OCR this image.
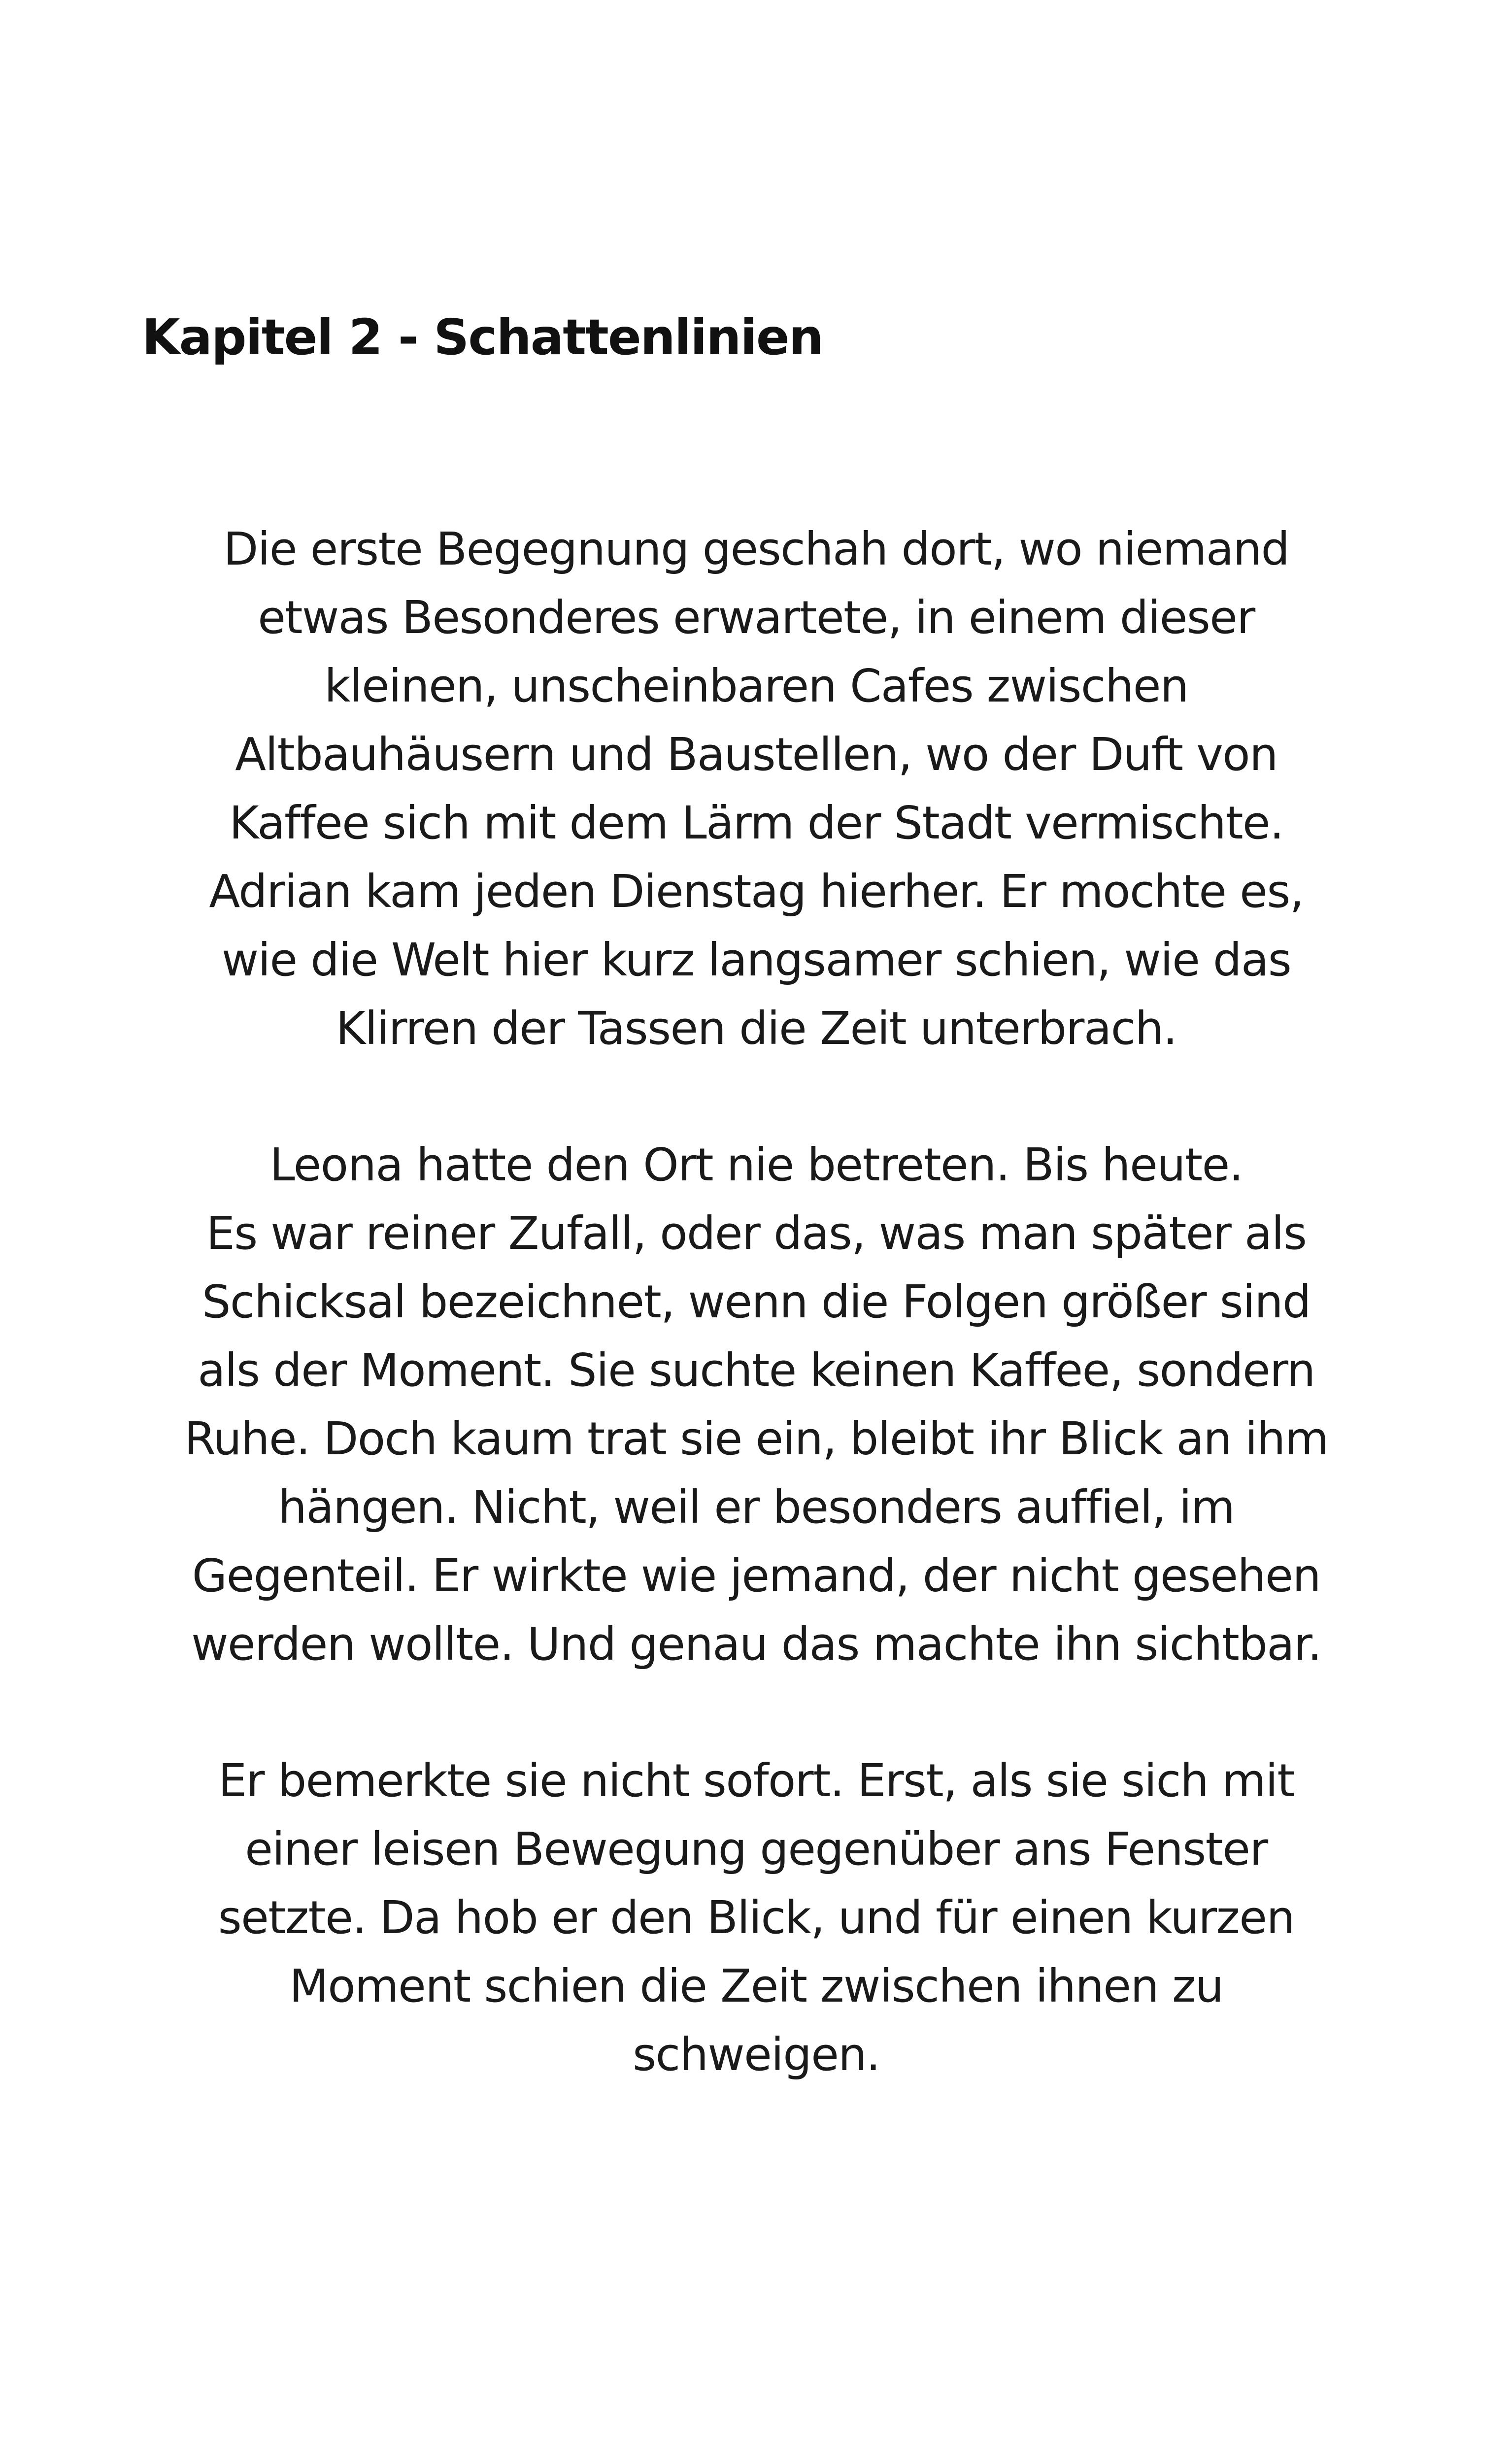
Kapitel 2 - Schattenlinien

Die erste Begegnung geschah dort, wo niemand
etwas Besonderes erwartete, in einem dieser
kleinen, unscheinbaren Cafes zwischen
Altbauhäusern und Baustellen, wo der Duft von
Kaffee sich mit dem Lärm der Stadt vermischte.
Adrian kam jeden Dienstag hierher. Er mochte es,
wie die Welt hier kurz langsamer schien, wie das
Klirren der Tassen die Zeit unterbrach.

Leona hatte den Ort nie betreten. Bis heute.
Es war reiner Zufall, oder das, was man später als
Schicksal bezeichnet, wenn die Folgen größer sind
als der Moment. Sie suchte keinen Kaffee, sondern
Ruhe. Doch kaum trat sie ein, bleibt ihr Blick an ihm
hängen. Nicht, weil er besonders auffiel, im
Gegenteil. Er wirkte wie jemand, der nicht gesehen
werden wollte. Und genau das machte ihn sichtbar.

Er bemerkte sie nicht sofort. Erst, als sie sich mit
einer leisen Bewegung gegenüber ans Fenster
setzte. Da hob er den Blick, und für einen kurzen
Moment schien die Zeit zwischen ihnen zu
schweigen.
